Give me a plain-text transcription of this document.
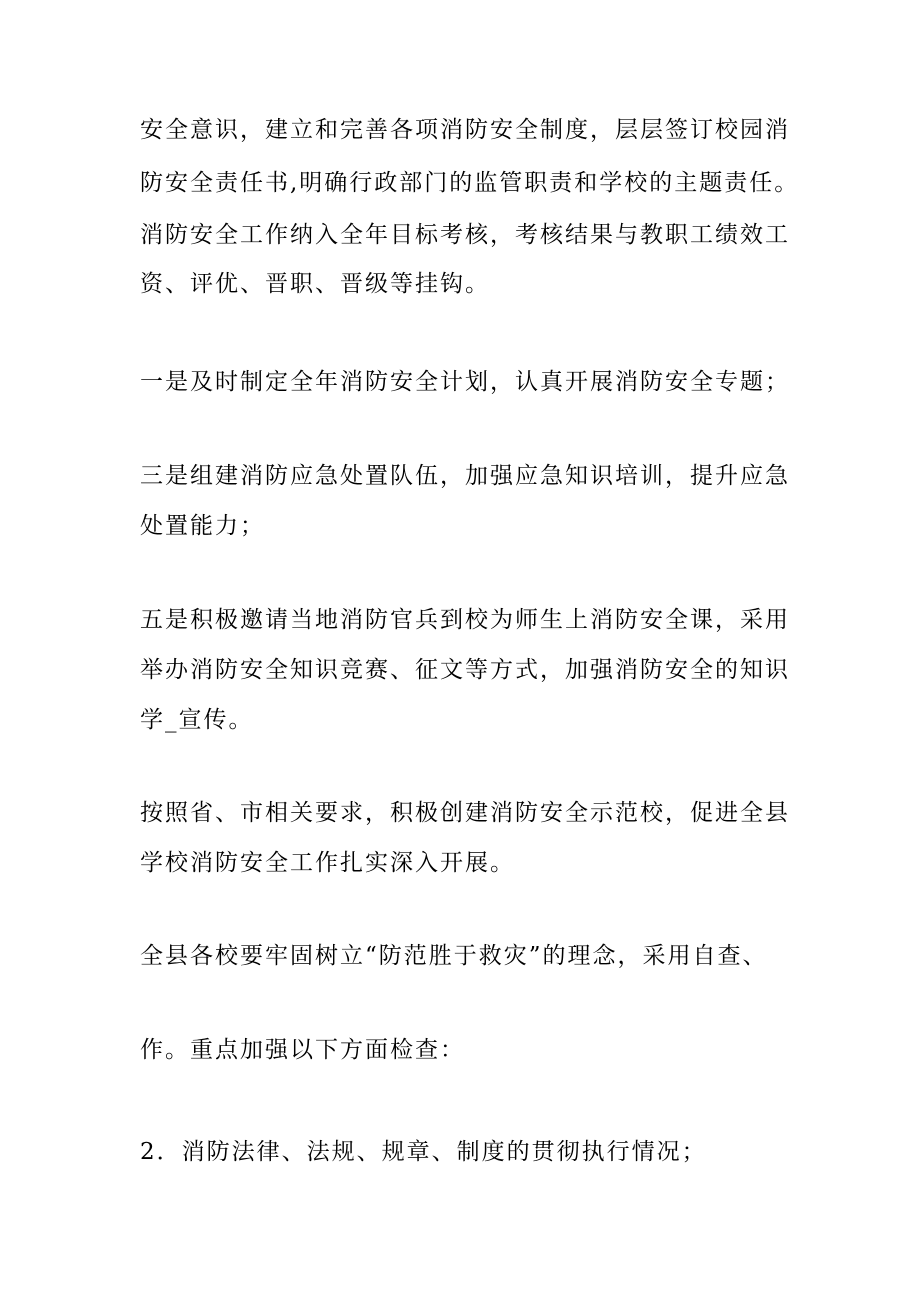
安全意识，建立和完善各项消防安全制度，层层签订校园消
防安全责任书,明确行政部门的监管职责和学校的主题责任。
消防安全工作纳入全年目标考核，考核结果与教职工绩效工
资、评优、晋职、晋级等挂钩。
一是及时制定全年消防安全计划，认真开展消防安全专题；
三是组建消防应急处置队伍，加强应急知识培训，提升应急
处置能力；
五是积极邀请当地消防官兵到校为师生上消防安全课，采用
举办消防安全知识竞赛、征文等方式，加强消防安全的知识
学_宣传。
按照省、市相关要求，积极创建消防安全示范校，促进全县
学校消防安全工作扎实深入开展。
全县各校要牢固树立“防范胜于救灾”的理念，采用自查、
作。重点加强以下方面检查：
2．消防法律、法规、规章、制度的贯彻执行情况；
